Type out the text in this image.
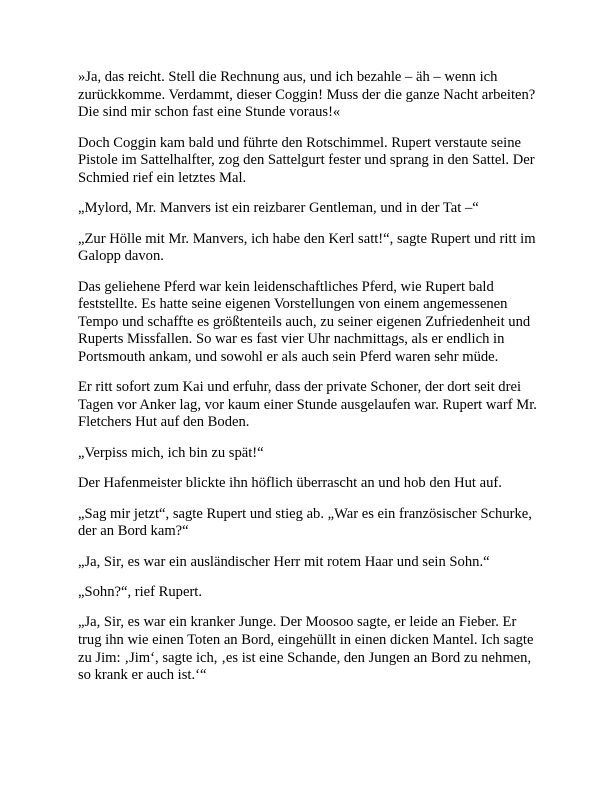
»Ja, das reicht. Stell die Rechnung aus, und ich bezahle – äh – wenn ich zurückkomme. Verdammt, dieser Coggin! Muss der die ganze Nacht arbeiten? Die sind mir schon fast eine Stunde voraus!«

Doch Coggin kam bald und führte den Rotschimmel. Rupert verstaute seine Pistole im Sattelhalfter, zog den Sattelgurt fester und sprang in den Sattel. Der Schmied rief ein letztes Mal.

„Mylord, Mr. Manvers ist ein reizbarer Gentleman, und in der Tat –“

„Zur Hölle mit Mr. Manvers, ich habe den Kerl satt!“, sagte Rupert und ritt im Galopp davon.

Das geliehene Pferd war kein leidenschaftliches Pferd, wie Rupert bald feststellte. Es hatte seine eigenen Vorstellungen von einem angemessenen Tempo und schaffte es größtenteils auch, zu seiner eigenen Zufriedenheit und Ruperts Missfallen. So war es fast vier Uhr nachmittags, als er endlich in Portsmouth ankam, und sowohl er als auch sein Pferd waren sehr müde.

Er ritt sofort zum Kai und erfuhr, dass der private Schoner, der dort seit drei Tagen vor Anker lag, vor kaum einer Stunde ausgelaufen war. Rupert warf Mr. Fletchers Hut auf den Boden.

„Verpiss mich, ich bin zu spät!“

Der Hafenmeister blickte ihn höflich überrascht an und hob den Hut auf.

„Sag mir jetzt“, sagte Rupert und stieg ab. „War es ein französischer Schurke, der an Bord kam?“

„Ja, Sir, es war ein ausländischer Herr mit rotem Haar und sein Sohn.“

„Sohn?“, rief Rupert.

„Ja, Sir, es war ein kranker Junge. Der Moosoo sagte, er leide an Fieber. Er trug ihn wie einen Toten an Bord, eingehüllt in einen dicken Mantel. Ich sagte zu Jim: ‚Jim‘, sagte ich, ‚es ist eine Schande, den Jungen an Bord zu nehmen, so krank er auch ist.‘“
